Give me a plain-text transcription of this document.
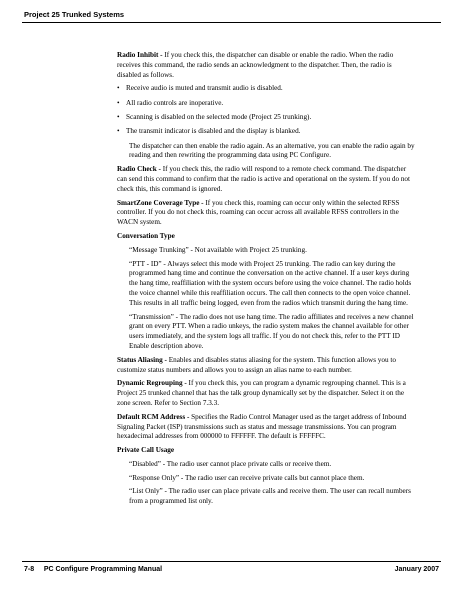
Project 25 Trunked Systems

Radio Inhibit - If you check this, the dispatcher can disable or enable the radio. When the radio receives this command, the radio sends an acknowledgment to the dispatcher. Then, the radio is disabled as follows.

• Receive audio is muted and transmit audio is disabled.
• All radio controls are inoperative.
• Scanning is disabled on the selected mode (Project 25 trunking).
• The transmit indicator is disabled and the display is blanked.

The dispatcher can then enable the radio again. As an alternative, you can enable the radio again by reading and then rewriting the programming data using PC Configure.

Radio Check - If you check this, the radio will respond to a remote check command. The dispatcher can send this command to confirm that the radio is active and operational on the system. If you do not check this, this command is ignored.

SmartZone Coverage Type - If you check this, roaming can occur only within the selected RFSS controller. If you do not check this, roaming can occur across all available RFSS controllers in the WACN system.

Conversation Type

“Message Trunking” - Not available with Project 25 trunking.

“PTT - ID” - Always select this mode with Project 25 trunking. The radio can key during the programmed hang time and continue the conversation on the active channel. If a user keys during the hang time, reaffiliation with the system occurs before using the voice channel. The radio holds the voice channel while this reaffiliation occurs. The call then connects to the open voice channel. This results in all traffic being logged, even from the radios which transmit during the hang time.

“Transmission” - The radio does not use hang time. The radio affiliates and receives a new channel grant on every PTT. When a radio unkeys, the radio system makes the channel available for other users immediately, and the system logs all traffic. If you do not check this, refer to the PTT ID Enable description above.

Status Aliasing - Enables and disables status aliasing for the system. This function allows you to customize status numbers and allows you to assign an alias name to each number.

Dynamic Regrouping - If you check this, you can program a dynamic regrouping channel. This is a Project 25 trunked channel that has the talk group dynamically set by the dispatcher. Select it on the zone screen. Refer to Section 7.3.3.

Default RCM Address - Specifies the Radio Control Manager used as the target address of Inbound Signaling Packet (ISP) transmissions such as status and message transmissions. You can program hexadecimal addresses from 000000 to FFFFFF. The default is FFFFFC.

Private Call Usage

“Disabled” - The radio user cannot place private calls or receive them.

“Response Only” - The radio user can receive private calls but cannot place them.

“List Only” - The radio user can place private calls and receive them. The user can recall numbers from a programmed list only.

7-8     PC Configure Programming Manual	January 2007
